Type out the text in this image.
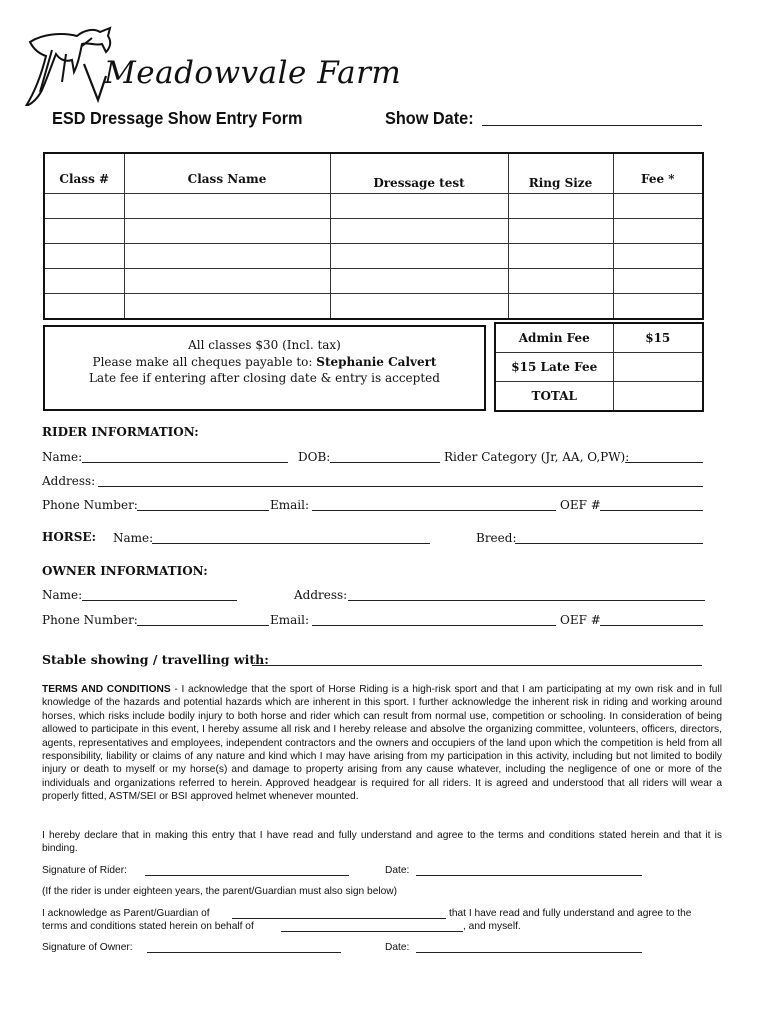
Meadowvale Farm
ESD Dressage Show Entry Form	Show Date:
Class #	Class Name	Dressage test	Ring Size	Fee *

All classes $30 (Incl. tax)
Please make all cheques payable to: Stephanie Calvert
Late fee if entering after closing date & entry is accepted
Admin Fee	$15
$15 Late Fee	
TOTAL	
RIDER INFORMATION:
Name:	DOB:	Rider Category (Jr, AA, O,PW):
Address:
Phone Number:	Email:	OEF #
HORSE: Name:	Breed:
OWNER INFORMATION:
Name:	Address:
Phone Number:	Email:	OEF #
Stable showing / travelling with:
TERMS AND CONDITIONS - I acknowledge that the sport of Horse Riding is a high-risk sport and that I am participating at my own risk and in full knowledge of the hazards and potential hazards which are inherent in this sport. I further acknowledge the inherent risk in riding and working around horses, which risks include bodily injury to both horse and rider which can result from normal use, competition or schooling. In consideration of being allowed to participate in this event, I hereby assume all risk and I hereby release and absolve the organizing committee, volunteers, officers, directors, agents, representatives and employees, independent contractors and the owners and occupiers of the land upon which the competition is held from all responsibility, liability or claims of any nature and kind which I may have arising from my participation in this activity, including but not limited to bodily injury or death to myself or my horse(s) and damage to property arising from any cause whatever, including the negligence of one or more of the individuals and organizations referred to herein. Approved headgear is required for all riders. It is agreed and understood that all riders will wear a properly fitted, ASTM/SEI or BSI approved helmet whenever mounted.
I hereby declare that in making this entry that I have read and fully understand and agree to the terms and conditions stated herein and that it is binding.
Signature of Rider:	Date:
(If the rider is under eighteen years, the parent/Guardian must also sign below)
I acknowledge as Parent/Guardian of	that I have read and fully understand and agree to the
terms and conditions stated herein on behalf of	, and myself.
Signature of Owner:	Date:
